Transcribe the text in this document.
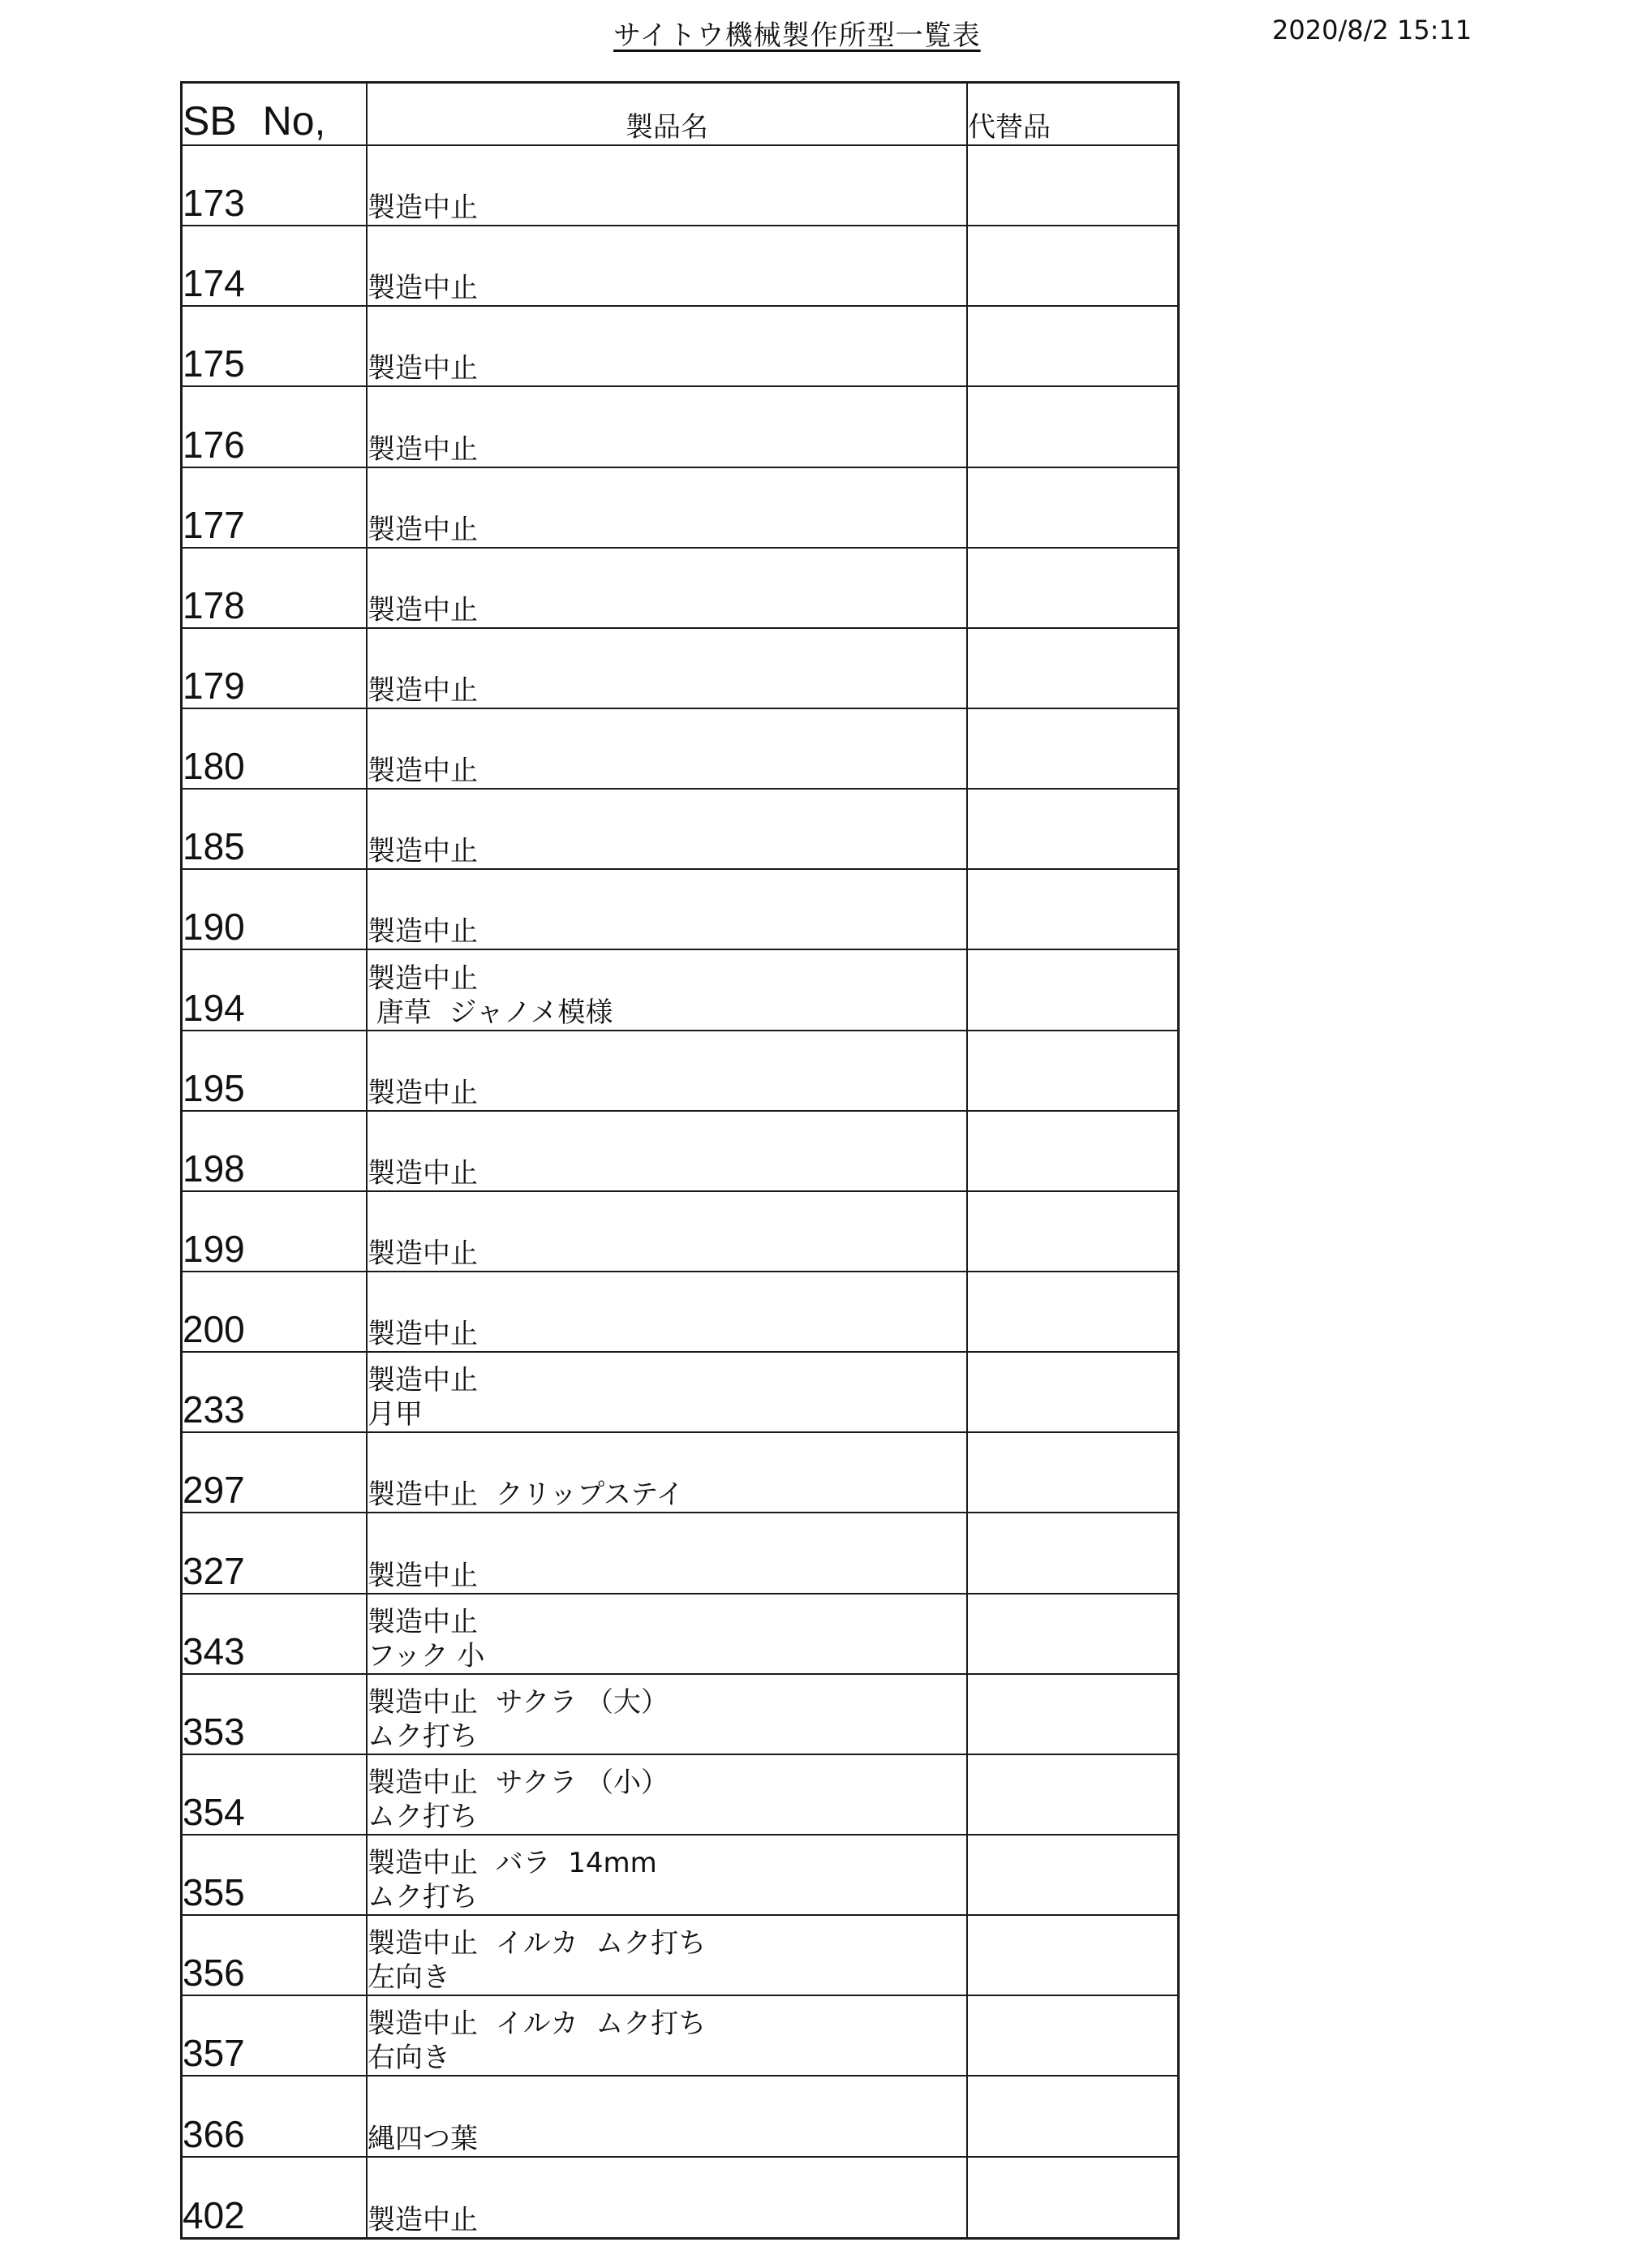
サイトウ機械製作所型一覧表	2020/8/2 15:11
SB No,	製品名	代替品
173	製造中止	

174	製造中止	

175	製造中止	

176	製造中止	

177	製造中止	

178	製造中止	

179	製造中止	

180	製造中止	

185	製造中止	

190	製造中止	

194	製造中止
唐草  ジャノメ模様	

195	製造中止	

198	製造中止	

199	製造中止	

200	製造中止	

233	製造中止
月甲	

297	製造中止  クリップステイ	

327	製造中止	

343	製造中止
フック 小	

353	製造中止  サクラ （大）
ムク打ち	

354	製造中止  サクラ （小）
ムク打ち	

355	製造中止  バラ  14mm
ムク打ち	

356	製造中止  イルカ  ムク打ち
左向き	

357	製造中止  イルカ  ムク打ち
右向き	

366	縄四つ葉	

402	製造中止	
